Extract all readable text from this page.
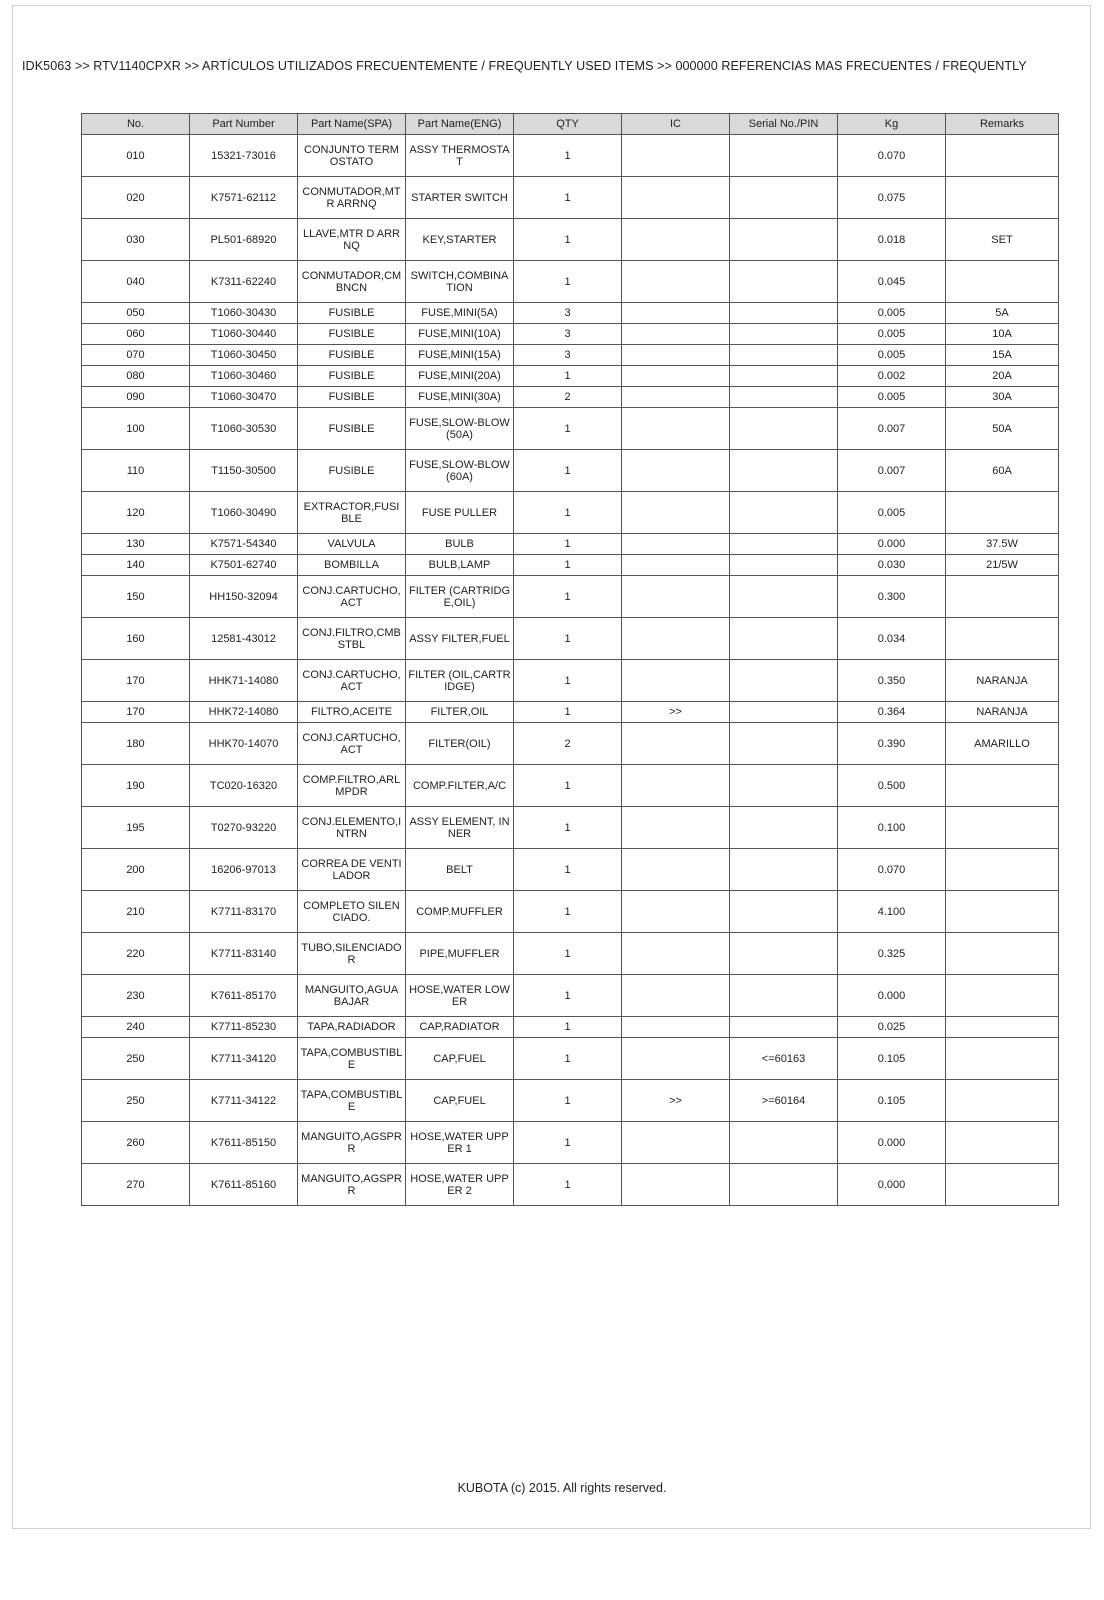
IDK5063 >> RTV1140CPXR >> ARTÍCULOS UTILIZADOS FRECUENTEMENTE / FREQUENTLY USED ITEMS >> 000000 REFERENCIAS MAS FRECUENTES / FREQUENTLY
No.	Part Number	Part Name(SPA)	Part Name(ENG)	QTY	IC	Serial No./PIN	Kg	Remarks
010	15321-73016	CONJUNTO TERMOSTATO	ASSY THERMOSTAT	1			0.070	
020	K7571-62112	CONMUTADOR,MTR ARRNQ	STARTER SWITCH	1			0.075	
030	PL501-68920	LLAVE,MTR D ARRNQ	KEY,STARTER	1			0.018	SET
040	K7311-62240	CONMUTADOR,CMBNCN	SWITCH,COMBINATION	1			0.045	
050	T1060-30430	FUSIBLE	FUSE,MINI(5A)	3			0.005	5A
060	T1060-30440	FUSIBLE	FUSE,MINI(10A)	3			0.005	10A
070	T1060-30450	FUSIBLE	FUSE,MINI(15A)	3			0.005	15A
080	T1060-30460	FUSIBLE	FUSE,MINI(20A)	1			0.002	20A
090	T1060-30470	FUSIBLE	FUSE,MINI(30A)	2			0.005	30A
100	T1060-30530	FUSIBLE	FUSE,SLOW-BLOW (50A)	1			0.007	50A
110	T1150-30500	FUSIBLE	FUSE,SLOW-BLOW (60A)	1			0.007	60A
120	T1060-30490	EXTRACTOR,FUSIBLE	FUSE PULLER	1			0.005	
130	K7571-54340	VALVULA	BULB	1			0.000	37.5W
140	K7501-62740	BOMBILLA	BULB,LAMP	1			0.030	21/5W
150	HH150-32094	CONJ.CARTUCHO,ACT	FILTER (CARTRIDGE,OIL)	1			0.300	
160	12581-43012	CONJ.FILTRO,CMBSTBL	ASSY FILTER,FUEL	1			0.034	
170	HHK71-14080	CONJ.CARTUCHO,ACT	FILTER (OIL,CARTRIDGE)	1			0.350	NARANJA
170	HHK72-14080	FILTRO,ACEITE	FILTER,OIL	1	>>		0.364	NARANJA
180	HHK70-14070	CONJ.CARTUCHO,ACT	FILTER(OIL)	2			0.390	AMARILLO
190	TC020-16320	COMP.FILTRO,ARLMPDR	COMP.FILTER,A/C	1			0.500	
195	T0270-93220	CONJ.ELEMENTO,INTRN	ASSY ELEMENT, INNER	1			0.100	
200	16206-97013	CORREA DE VENTILADOR	BELT	1			0.070	
210	K7711-83170	COMPLETO SILENCIADO.	COMP.MUFFLER	1			4.100	
220	K7711-83140	TUBO,SILENCIADOR	PIPE,MUFFLER	1			0.325	
230	K7611-85170	MANGUITO,AGUA BAJAR	HOSE,WATER LOWER	1			0.000	
240	K7711-85230	TAPA,RADIADOR	CAP,RADIATOR	1			0.025	
250	K7711-34120	TAPA,COMBUSTIBLE	CAP,FUEL	1		<=60163	0.105	
250	K7711-34122	TAPA,COMBUSTIBLE	CAP,FUEL	1	>>	>=60164	0.105	
260	K7611-85150	MANGUITO,AGSPRR	HOSE,WATER UPPER 1	1			0.000	
270	K7611-85160	MANGUITO,AGSPRR	HOSE,WATER UPPER 2	1			0.000	
KUBOTA (c) 2015. All rights reserved.
